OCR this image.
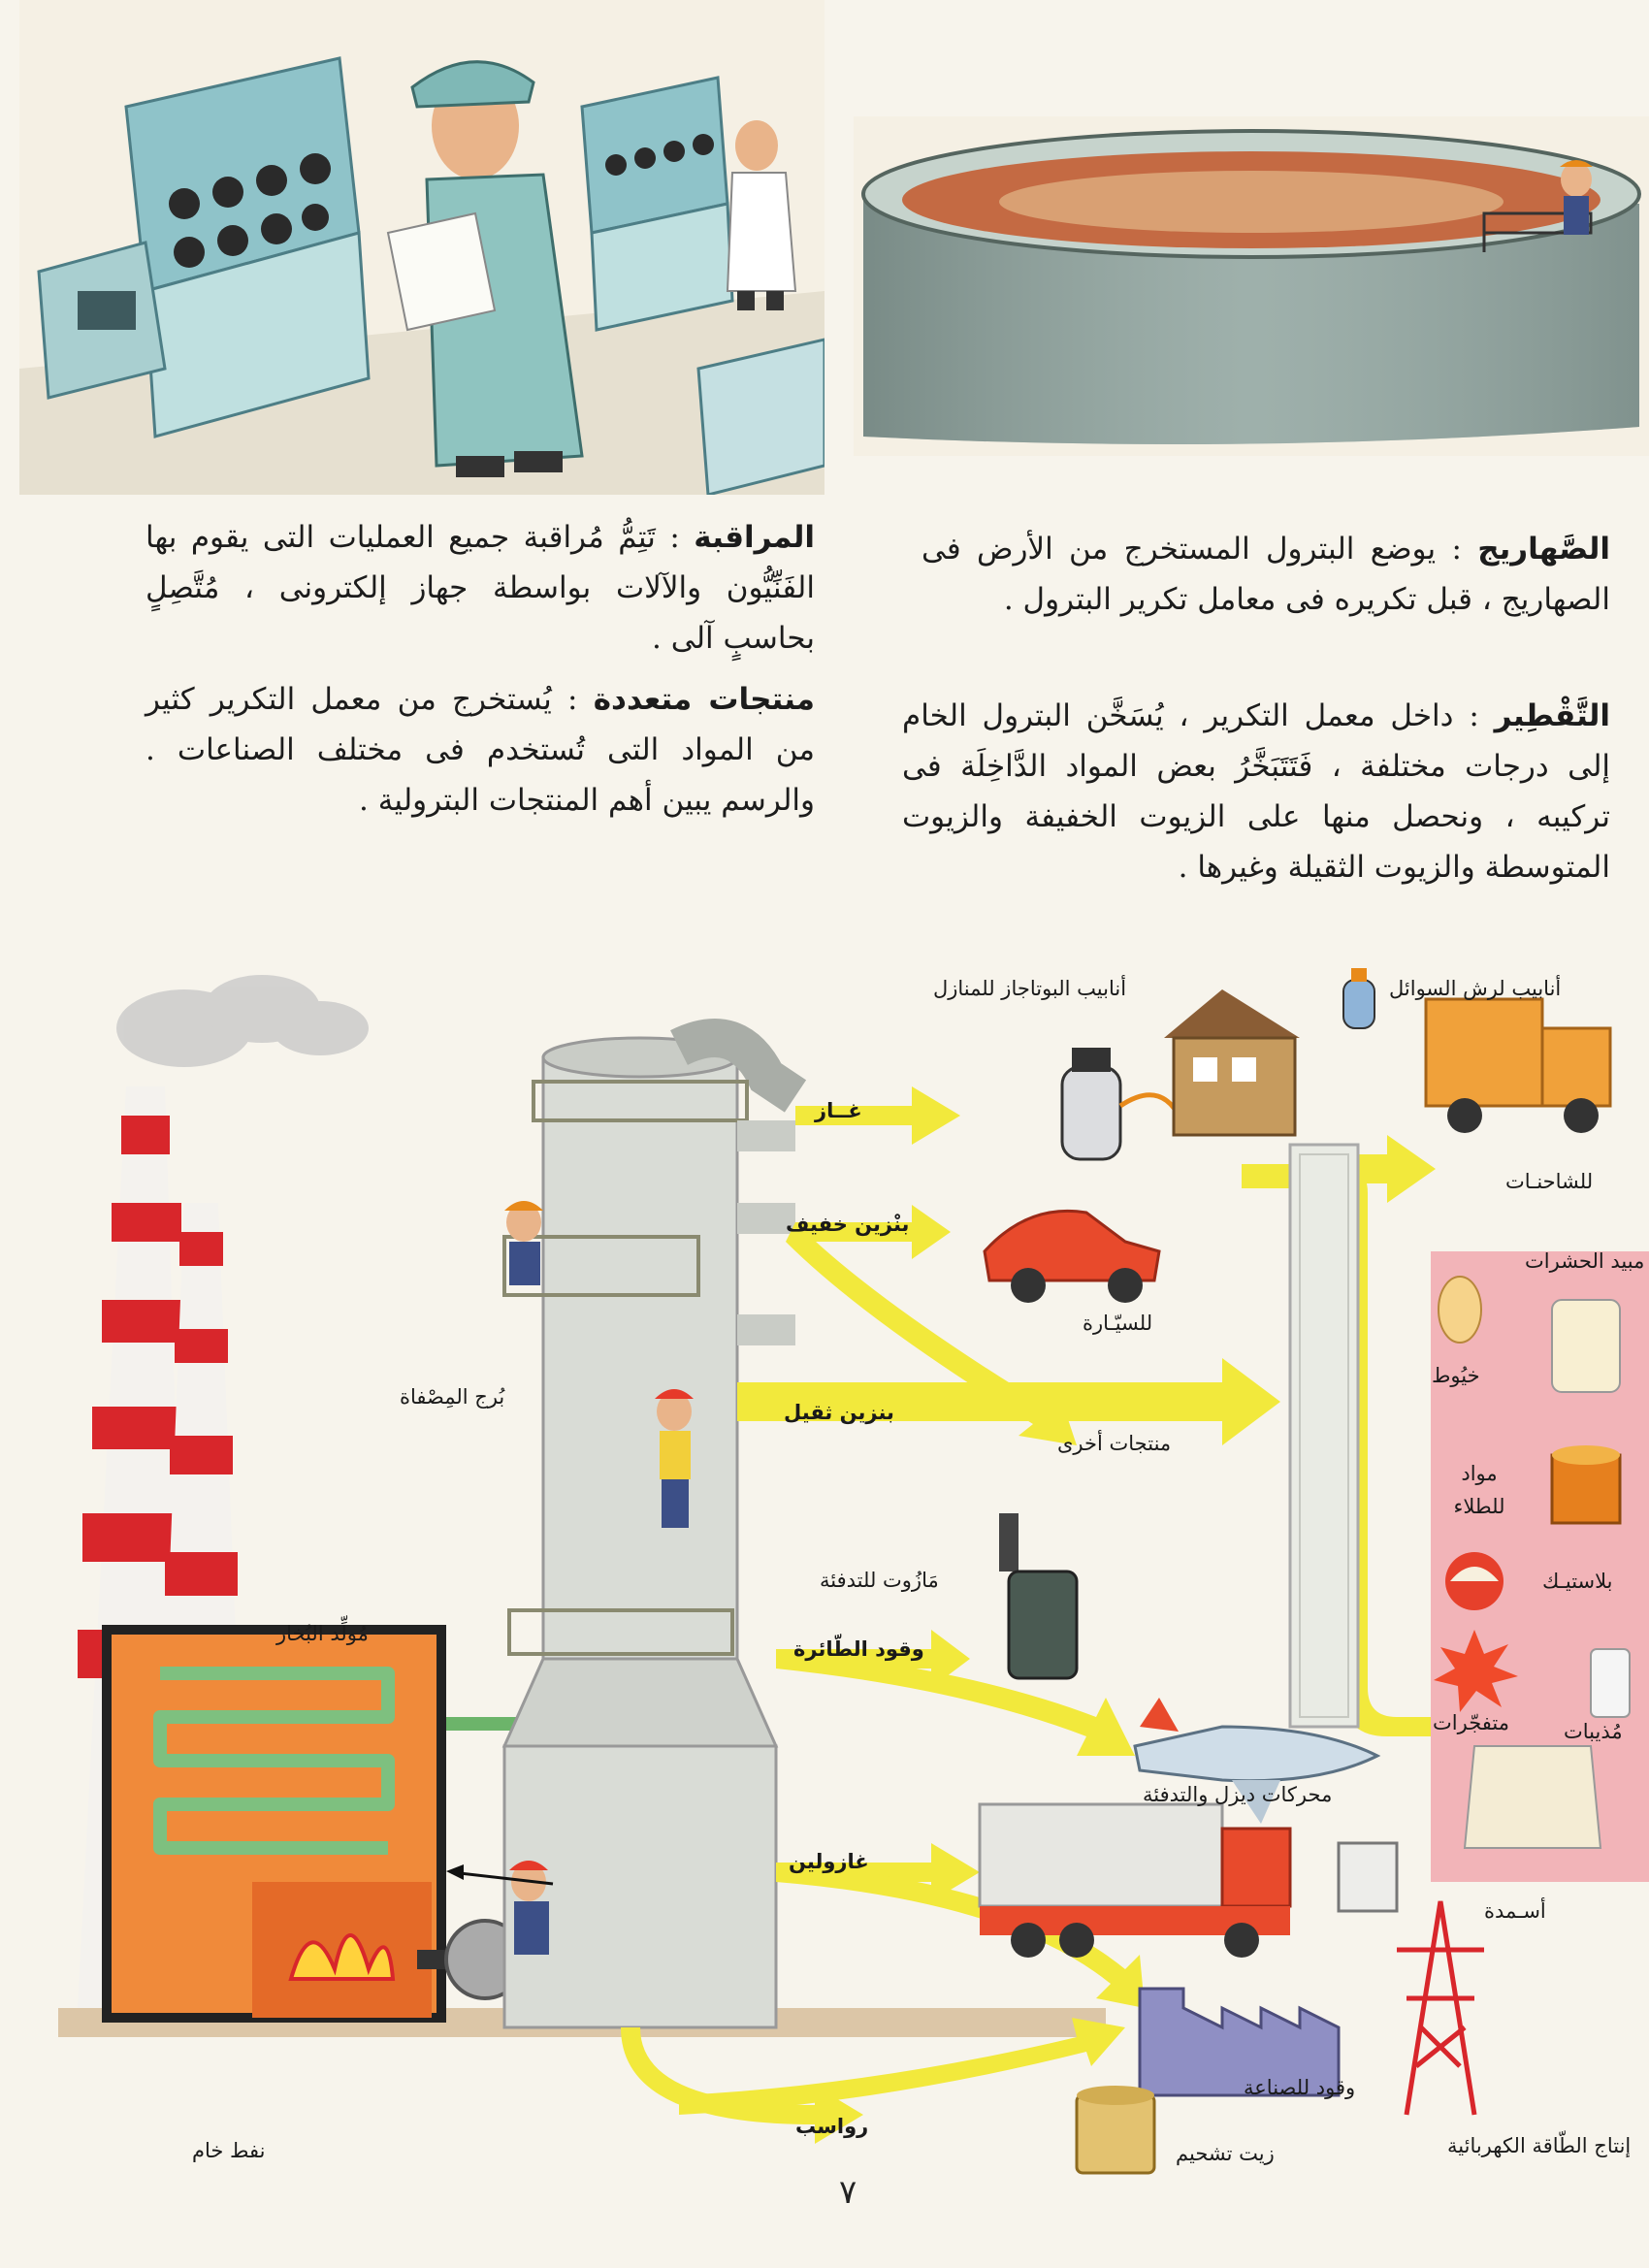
المراقبة : تَتِمُّ مُراقبة جميع العمليات التى يقوم بها الفَنِّيُّون والآلات بواسطة جهاز إلكترونى ، مُتَّصِلٍ بحاسبٍ آلى .
الصَّهاريج : يوضع البترول المستخرج من الأرض فى الصهاريج ، قبل تكريره فى معامل تكرير البترول .
منتجات متعددة : يُستخرج من معمل التكرير كثير من المواد التى تُستخدم فى مختلف الصناعات . والرسم يبين أهم المنتجات البترولية .
التَّقْطِير : داخل معمل التكرير ، يُسَخَّن البترول الخام إلى درجات مختلفة ، فَتَتَبَخَّرُ بعض المواد الدَّاخِلَة فى تركيبه ، ونحصل منها على الزيوت الخفيفة والزيوت المتوسطة والزيوت الثقيلة وغيرها .
بُرج المِصْفاة
مُولِّد البُخار
نفط خام
غــاز
بنْزين خفيف
بنزين ثقيل
مَازُوت للتدفئة
وقود الطّائرة
غازولين
رواسب
أنابيب البوتاجاز للمنازل	أنابيب لرش السوائل
للشاحنـات
للسيّـارة
منتجات أخرى
مبيد الحشرات
خيُوط
مواد للطلاء
بلاستيـك
متفجّرات	مُذيبات
محركات ديزل والتدفئة
أسـمدة
وقود للصناعة
إنتاج الطّاقة الكهربائية
زيت تشحيم
٧
